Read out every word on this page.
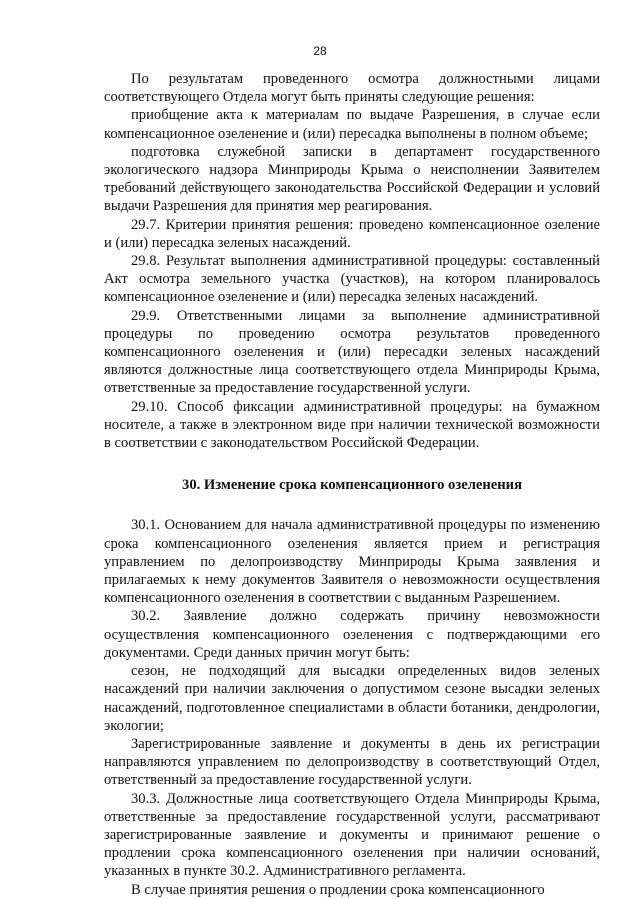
28

По результатам проведенного осмотра должностными лицами соответствующего Отдела могут быть приняты следующие решения:

приобщение акта к материалам по выдаче Разрешения, в случае если компенсационное озеленение и (или) пересадка выполнены в полном объеме;

подготовка служебной записки в департамент государственного экологического надзора Минприроды Крыма о неисполнении Заявителем требований действующего законодательства Российской Федерации и условий выдачи Разрешения для принятия мер реагирования.

29.7. Критерии принятия решения: проведено компенсационное озеление и (или) пересадка зеленых насаждений.

29.8. Результат выполнения административной процедуры: составленный Акт осмотра земельного участка (участков), на котором планировалось компенсационное озеленение и (или) пересадка зеленых насаждений.

29.9. Ответственными лицами за выполнение административной процедуры по проведению осмотра результатов проведенного компенсационного озеленения и (или) пересадки зеленых насаждений являются должностные лица соответствующего отдела Минприроды Крыма, ответственные за предоставление государственной услуги.

29.10. Способ фиксации административной процедуры: на бумажном носителе, а также в электронном виде при наличии технической возможности в соответствии с законодательством Российской Федерации.

30. Изменение срока компенсационного озеленения

30.1. Основанием для начала административной процедуры по изменению срока компенсационного озеленения является прием и регистрация управлением по делопроизводству Минприроды Крыма заявления и прилагаемых к нему документов Заявителя о невозможности осуществления компенсационного озеленения в соответствии с выданным Разрешением.

30.2. Заявление должно содержать причину невозможности осуществления компенсационного озеленения с подтверждающими его документами. Среди данных причин могут быть:

сезон, не подходящий для высадки определенных видов зеленых насаждений при наличии заключения о допустимом сезоне высадки зеленых насаждений, подготовленное специалистами в области ботаники, дендрологии, экологии;

Зарегистрированные заявление и документы в день их регистрации направляются управлением по делопроизводству в соответствующий Отдел, ответственный за предоставление государственной услуги.

30.3. Должностные лица соответствующего Отдела Минприроды Крыма, ответственные за предоставление государственной услуги, рассматривают зарегистрированные заявление и документы и принимают решение о продлении срока компенсационного озеленения при наличии оснований, указанных в пункте 30.2. Административного регламента.

В случае принятия решения о продлении срока компенсационного
